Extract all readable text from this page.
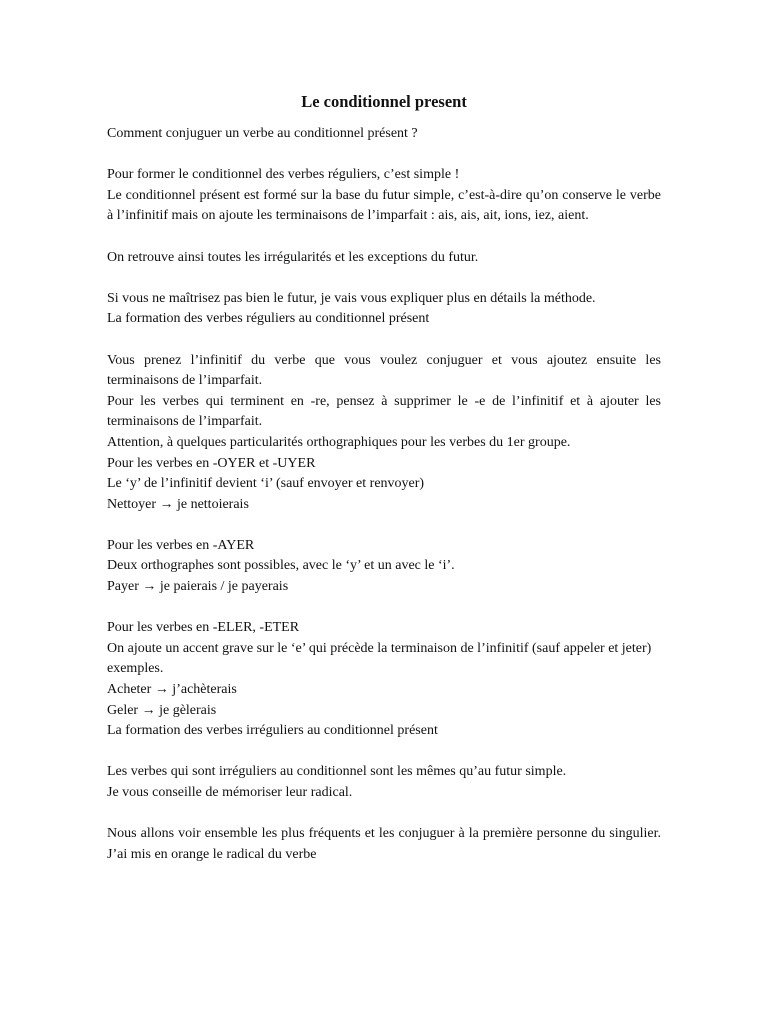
Le conditionnel present

Comment conjuguer un verbe au conditionnel présent ?

Pour former le conditionnel des verbes réguliers, c’est simple !
Le conditionnel présent est formé sur la base du futur simple, c’est-à-dire qu’on conserve le verbe à l’infinitif mais on ajoute les terminaisons de l’imparfait : ais, ais, ait, ions, iez, aient.

On retrouve ainsi toutes les irrégularités et les exceptions du futur.

Si vous ne maîtrisez pas bien le futur, je vais vous expliquer plus en détails la méthode.
La formation des verbes réguliers au conditionnel présent

Vous prenez l’infinitif du verbe que vous voulez conjuguer et vous ajoutez ensuite les terminaisons de l’imparfait.
Pour les verbes qui terminent en -re, pensez à supprimer le -e de l’infinitif et à ajouter les terminaisons de l’imparfait.
Attention, à quelques particularités orthographiques pour les verbes du 1er groupe.
Pour les verbes en -OYER et -UYER
Le ‘y’ de l’infinitif devient ‘i’ (sauf envoyer et renvoyer)
Nettoyer → je nettoierais

Pour les verbes en -AYER
Deux orthographes sont possibles, avec le ‘y’ et un avec le ‘i’.
Payer → je paierais / je payerais

Pour les verbes en -ELER, -ETER
On ajoute un accent grave sur le ‘e’ qui précède la terminaison de l’infinitif (sauf appeler et jeter)
exemples.
Acheter → j’achèterais
Geler → je gèlerais
La formation des verbes irréguliers au conditionnel présent

Les verbes qui sont irréguliers au conditionnel sont les mêmes qu’au futur simple.
Je vous conseille de mémoriser leur radical.

Nous allons voir ensemble les plus fréquents et les conjuguer à la première personne du singulier. J’ai mis en orange le radical du verbe
